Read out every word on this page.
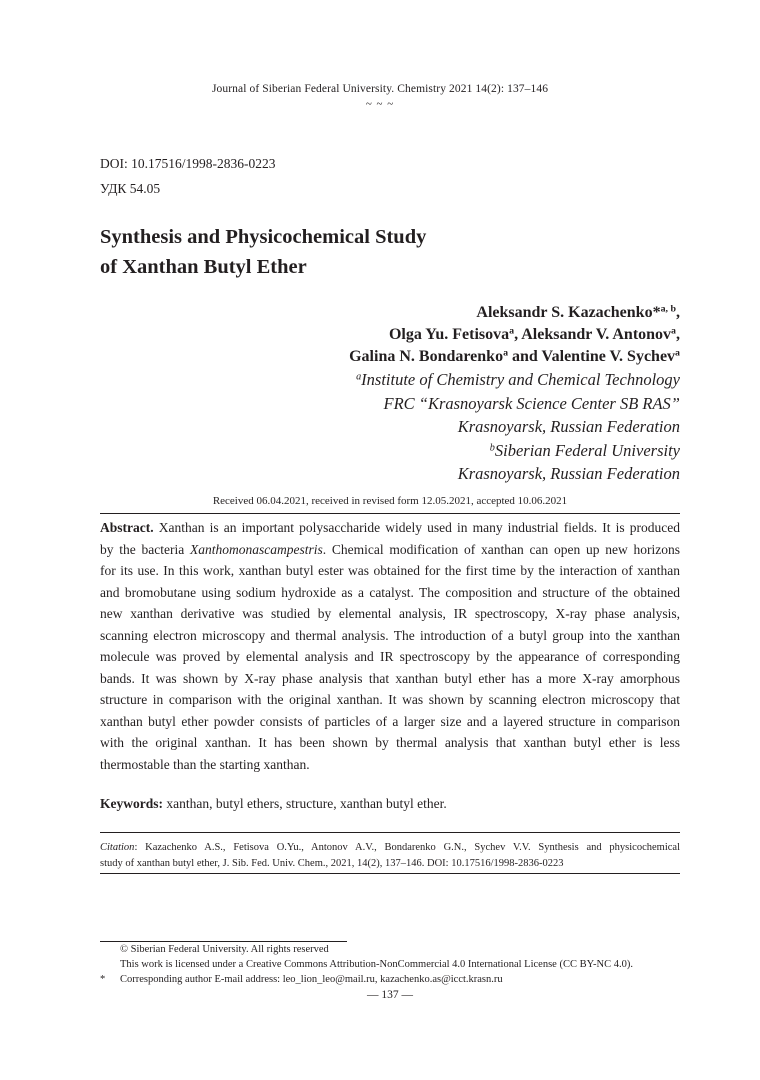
Journal of Siberian Federal University. Chemistry 2021 14(2): 137–146
~ ~ ~
DOI: 10.17516/1998-2836-0223
УДК 54.05
Synthesis and Physicochemical Study
of Xanthan Butyl Ether
Aleksandr S. Kazachenko*$^{a, b}$,
Olga Yu. Fetisova$^a$, Aleksandr V. Antonov$^a$,
Galina N. Bondarenko$^a$ and Valentine V. Sychev$^a$
$^a$Institute of Chemistry and Chemical Technology
FRC “Krasnoyarsk Science Center SB RAS”
Krasnoyarsk, Russian Federation
$^b$Siberian Federal University
Krasnoyarsk, Russian Federation
Received 06.04.2021, received in revised form 12.05.2021, accepted 10.06.2021
Abstract. Xanthan is an important polysaccharide widely used in many industrial fields. It is produced
by the bacteria Xanthomonascampestris. Chemical modification of xanthan can open up new horizons
for its use. In this work, xanthan butyl ester was obtained for the first time by the interaction of xanthan
and bromobutane using sodium hydroxide as a catalyst. The composition and structure of the obtained
new xanthan derivative was studied by elemental analysis, IR spectroscopy, X-ray phase analysis,
scanning electron microscopy and thermal analysis. The introduction of a butyl group into the xanthan
molecule was proved by elemental analysis and IR spectroscopy by the appearance of corresponding
bands. It was shown by X-ray phase analysis that xanthan butyl ether has a more X-ray amorphous
structure in comparison with the original xanthan. It was shown by scanning electron microscopy that
xanthan butyl ether powder consists of particles of a larger size and a layered structure in comparison
with the original xanthan. It has been shown by thermal analysis that xanthan butyl ether is less
thermostable than the starting xanthan.
Keywords: xanthan, butyl ethers, structure, xanthan butyl ether.
Citation: Kazachenko A.S., Fetisova O.Yu., Antonov A.V., Bondarenko G.N., Sychev V.V. Synthesis and physicochemical
study of xanthan butyl ether, J. Sib. Fed. Univ. Chem., 2021, 14(2), 137–146. DOI: 10.17516/1998-2836-0223
© Siberian Federal University. All rights reserved
This work is licensed under a Creative Commons Attribution-NonCommercial 4.0 International License (CC BY-NC 4.0).
*	Corresponding author E-mail address: leo_lion_leo@mail.ru, kazachenko.as@icct.krasn.ru
— 137 —
